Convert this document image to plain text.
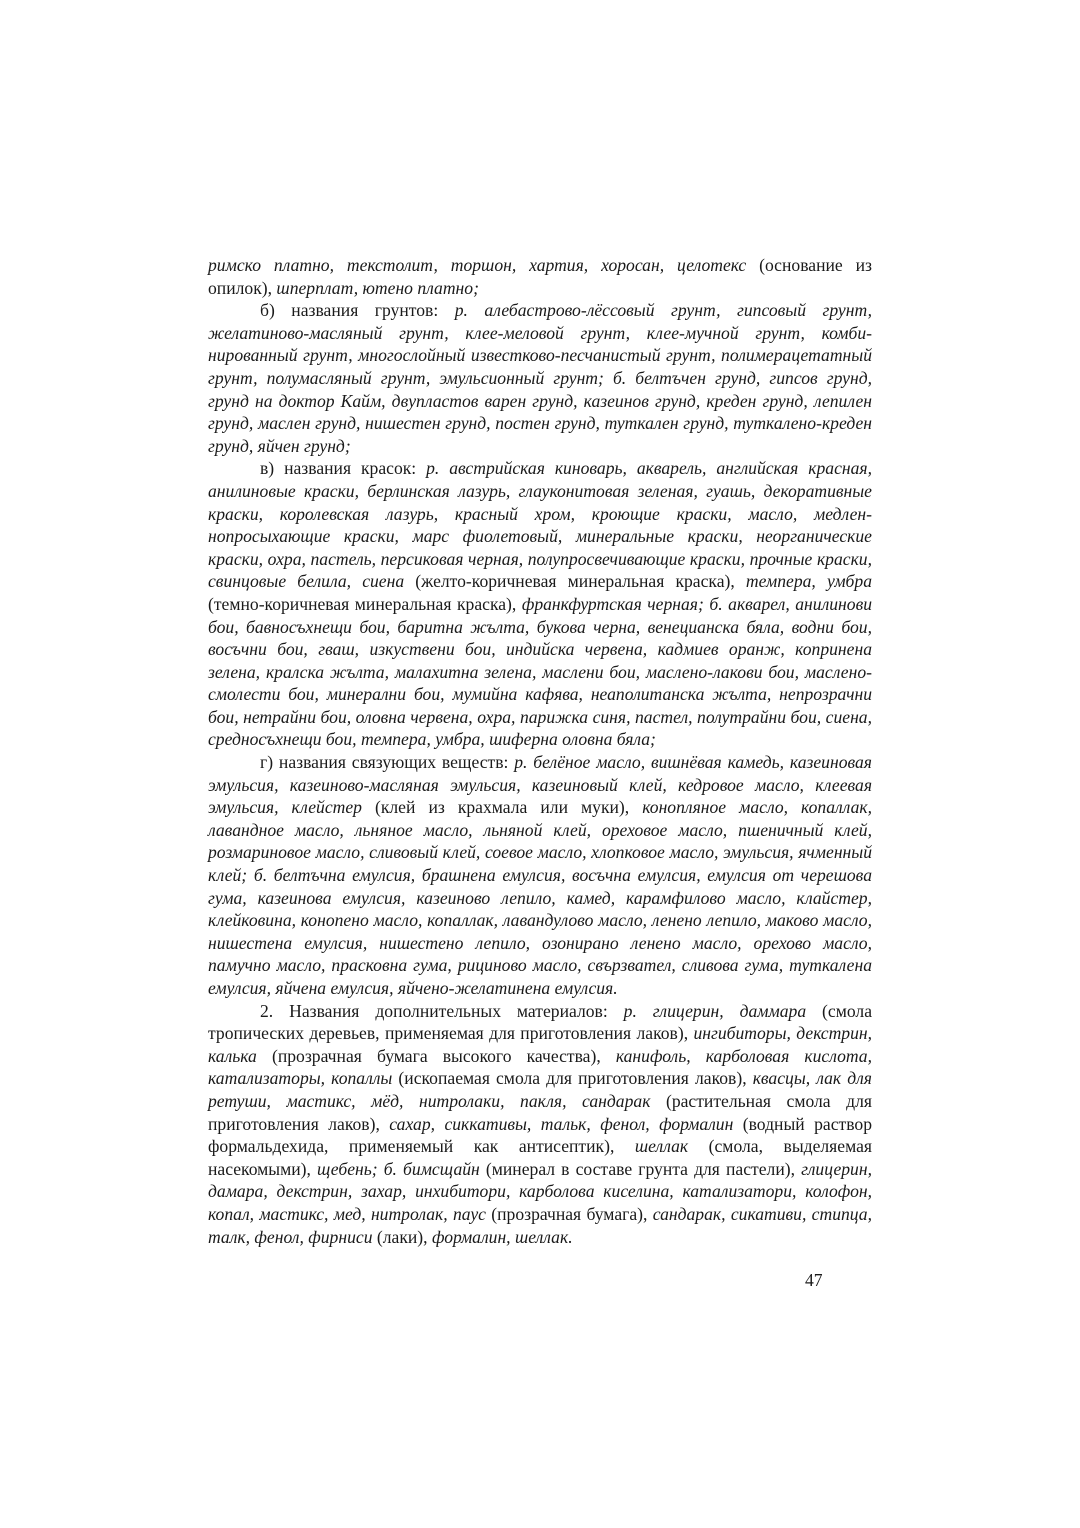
римско платно, текстолит, торшон, хартия, хоросан, целотекс (основание из опилок), шперплат, ютено платно;

б) названия грунтов: р. алебастрово-лёссовый грунт, гипсовый грунт, желатиново-масляный грунт, клее-меловой грунт, клее-мучной грунт, комбинированный грунт, многослойный известково-песчанистый грунт, полимерацетатный грунт, полумасляный грунт, эмульсионный грунт; б. белтъчен грунд, гипсов грунд, грунд на доктор Кайм, двупластов варен грунд, казеинов грунд, креден грунд, лепилен грунд, маслен грунд, нишестен грунд, постен грунд, туткален грунд, туткалено-креден грунд, яйчен грунд;

в) названия красок: р. австрийская киноварь, акварель, английская красная, анилиновые краски, берлинская лазурь, глауконитовая зеленая, гуашь, декоративные краски, королевская лазурь, красный хром, кроющие краски, масло, медленнопросыхающие краски, марс фиолетовый, минеральные краски, неорганические краски, охра, пастель, персиковая черная, полупросвечивающие краски, прочные краски, свинцовые белила, сиена (желто-коричневая минеральная краска), темпера, умбра (темно-коричневая минеральная краска), франкфуртская черная; б. акварел, анилинови бои, бавносъхнещи бои, баритна жълта, букова черна, венецианска бяла, водни бои, восъчни бои, гваш, изкуствени бои, индийска червена, кадмиев оранж, копринена зелена, кралска жълта, малахитна зелена, маслени бои, маслено-лакови бои, маслено-смолести бои, минерални бои, мумийна кафява, неаполитанска жълта, непрозрачни бои, нетрайни бои, оловна червена, охра, парижка синя, пастел, полутрайни бои, сиена, средносъхнещи бои, темпера, умбра, шиферна оловна бяла;

г) названия связующих веществ: р. белёное масло, вишнёвая камедь, казеиновая эмульсия, казеиново-масляная эмульсия, казеиновый клей, кедровое масло, клеевая эмульсия, клейстер (клей из крахмала или муки), конопляное масло, копаллак, лавандное масло, льняное масло, льняной клей, ореховое масло, пшеничный клей, розмариновое масло, сливовый клей, соевое масло, хлопковое масло, эмульсия, ячменный клей; б. белтъчна емулсия, брашнена емулсия, восъчна емулсия, емулсия от черешова гума, казеинова емулсия, казеиново лепило, камед, карамфилово масло, клайстер, клейковина, конопено масло, копаллак, лавандулово масло, ленено лепило, маково масло, нишестена емулсия, нишестено лепило, озонирано ленено масло, орехово масло, памучно масло, прасковна гума, рициново масло, свързвател, сливова гума, туткалена емулсия, яйчена емулсия, яйчено-желатинена емулсия.

2. Названия дополнительных материалов: р. глицерин, даммара (смола тропических деревьев, применяемая для приготовления лаков), ингибиторы, декстрин, калька (прозрачная бумага высокого качества), канифоль, карболовая кислота, катализаторы, копаллы (ископаемая смола для приготовления лаков), квасцы, лак для ретуши, мастикс, мёд, нитролаки, пакля, сандарак (растительная смола для приготовления лаков), сахар, сиккативы, тальк, фенол, формалин (водный раствор формальдехида, применяемый как антисептик), шеллак (смола, выделяемая насекомыми), щебень; б. бимсщайн (минерал в составе грунта для пастели), глицерин, дамара, декстрин, захар, инхибитори, карболова киселина, катализатори, колофон, копал, мастикс, мед, нитролак, паус (прозрачная бумага), сандарак, сикативи, стипца, талк, фенол, фирниси (лаки), формалин, шеллак.

47
